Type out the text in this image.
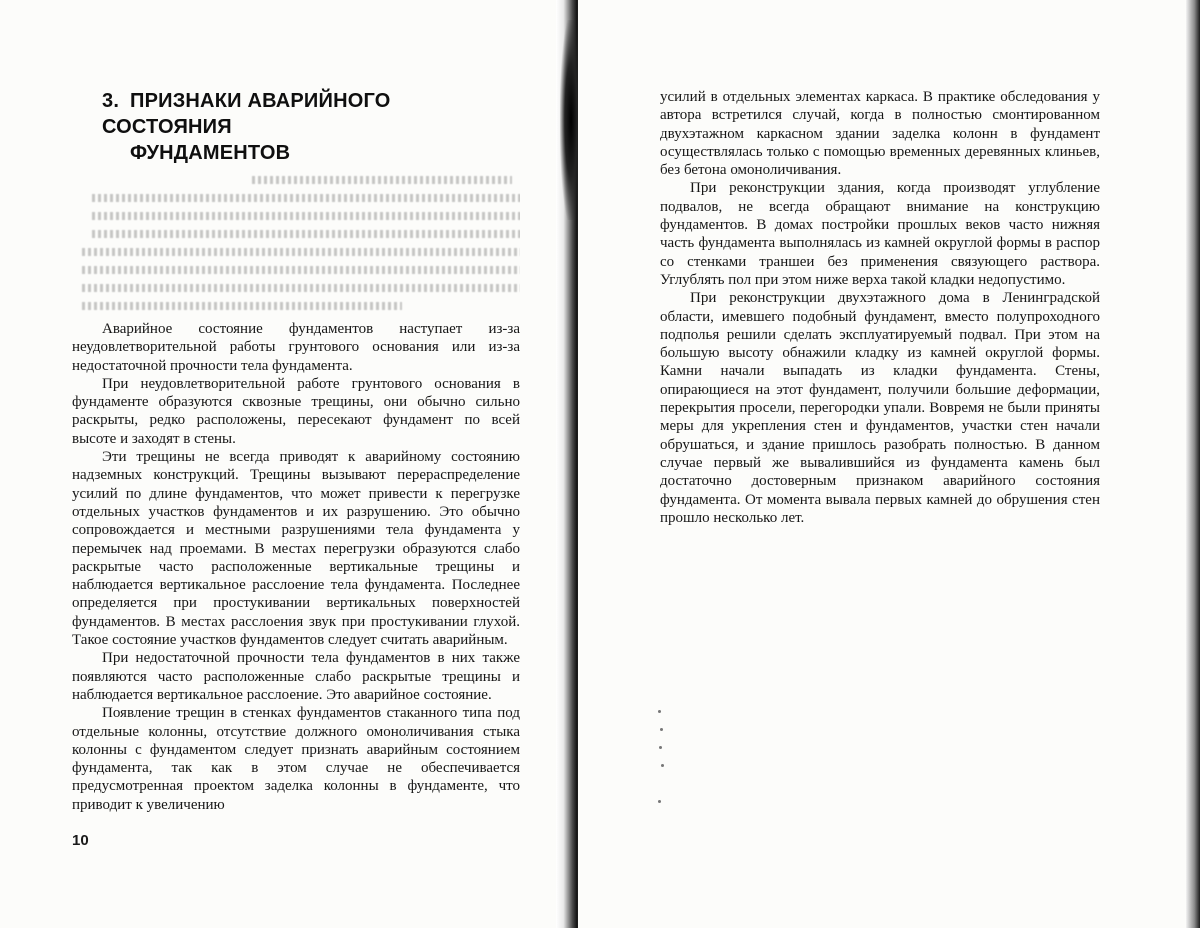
3. ПРИЗНАКИ АВАРИЙНОГО СОСТОЯНИЯ
ФУНДАМЕНТОВ

Аварийное состояние фундаментов наступает из-за неудовлетворительной работы грунтового основания или из-за недостаточной прочности тела фундамента.

При неудовлетворительной работе грунтового основания в фундаменте образуются сквозные трещины, они обычно сильно раскрыты, редко расположены, пересекают фундамент по всей высоте и заходят в стены.

Эти трещины не всегда приводят к аварийному состоянию надземных конструкций. Трещины вызывают перераспределение усилий по длине фундаментов, что может привести к перегрузке отдельных участков фундаментов и их разрушению. Это обычно сопровождается и местными разрушениями тела фундамента у перемычек над проемами. В местах перегрузки образуются слабо раскрытые часто расположенные вертикальные трещины и наблюдается вертикальное расслоение тела фундамента. Последнее определяется при простукивании вертикальных поверхностей фундаментов. В местах расслоения звук при простукивании глухой. Такое состояние участков фундаментов следует считать аварийным.

При недостаточной прочности тела фундаментов в них также появляются часто расположенные слабо раскрытые трещины и наблюдается вертикальное расслоение. Это аварийное состояние.

Появление трещин в стенках фундаментов стаканного типа под отдельные колонны, отсутствие должного омоноличивания стыка колонны с фундаментом следует признать аварийным состоянием фундамента, так как в этом случае не обеспечивается предусмотренная проектом заделка колонны в фундаменте, что приводит к увеличению

10

усилий в отдельных элементах каркаса. В практике обследования у автора встретился случай, когда в полностью смонтированном двухэтажном каркасном здании заделка колонн в фундамент осуществлялась только с помощью временных деревянных клиньев, без бетона омоноличивания.

При реконструкции здания, когда производят углубление подвалов, не всегда обращают внимание на конструкцию фундаментов. В домах постройки прошлых веков часто нижняя часть фундамента выполнялась из камней округлой формы в распор со стенками траншеи без применения связующего раствора. Углублять пол при этом ниже верха такой кладки недопустимо.

При реконструкции двухэтажного дома в Ленинградской области, имевшего подобный фундамент, вместо полупроходного подполья решили сделать эксплуатируемый подвал. При этом на большую высоту обнажили кладку из камней округлой формы. Камни начали выпадать из кладки фундамента. Стены, опирающиеся на этот фундамент, получили большие деформации, перекрытия просели, перегородки упали. Вовремя не были приняты меры для укрепления стен и фундаментов, участки стен начали обрушаться, и здание пришлось разобрать полностью. В данном случае первый же вывалившийся из фундамента камень был достаточно достоверным признаком аварийного состояния фундамента. От момента вывала первых камней до обрушения стен прошло несколько лет.
